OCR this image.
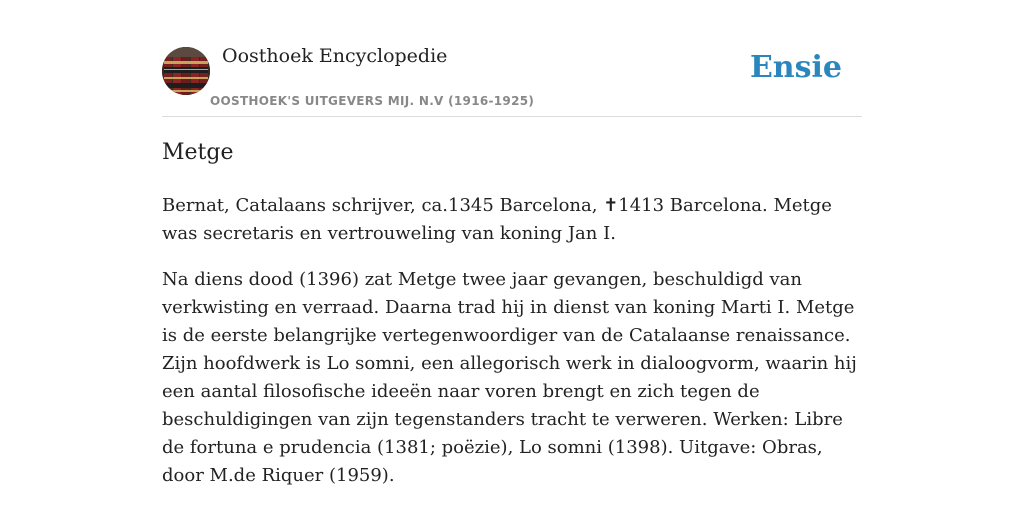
Oosthoek Encyclopedie
OOSTHOEK'S UITGEVERS MIJ. N.V (1916-1925)
Ensie
Metge

Bernat, Catalaans schrijver, ca.1345 Barcelona, ✝1413 Barcelona. Metge was secretaris en vertrouweling van koning Jan I.

Na diens dood (1396) zat Metge twee jaar gevangen, beschuldigd van verkwisting en verraad. Daarna trad hij in dienst van koning Marti I. Metge is de eerste belangrijke vertegenwoordiger van de Catalaanse renaissance. Zijn hoofdwerk is Lo somni, een allegorisch werk in dialoogvorm, waarin hij een aantal filosofische ideeën naar voren brengt en zich tegen de beschuldigingen van zijn tegenstanders tracht te verweren. Werken: Libre de fortuna e prudencia (1381; poëzie), Lo somni (1398). Uitgave: Obras, door M.de Riquer (1959).
